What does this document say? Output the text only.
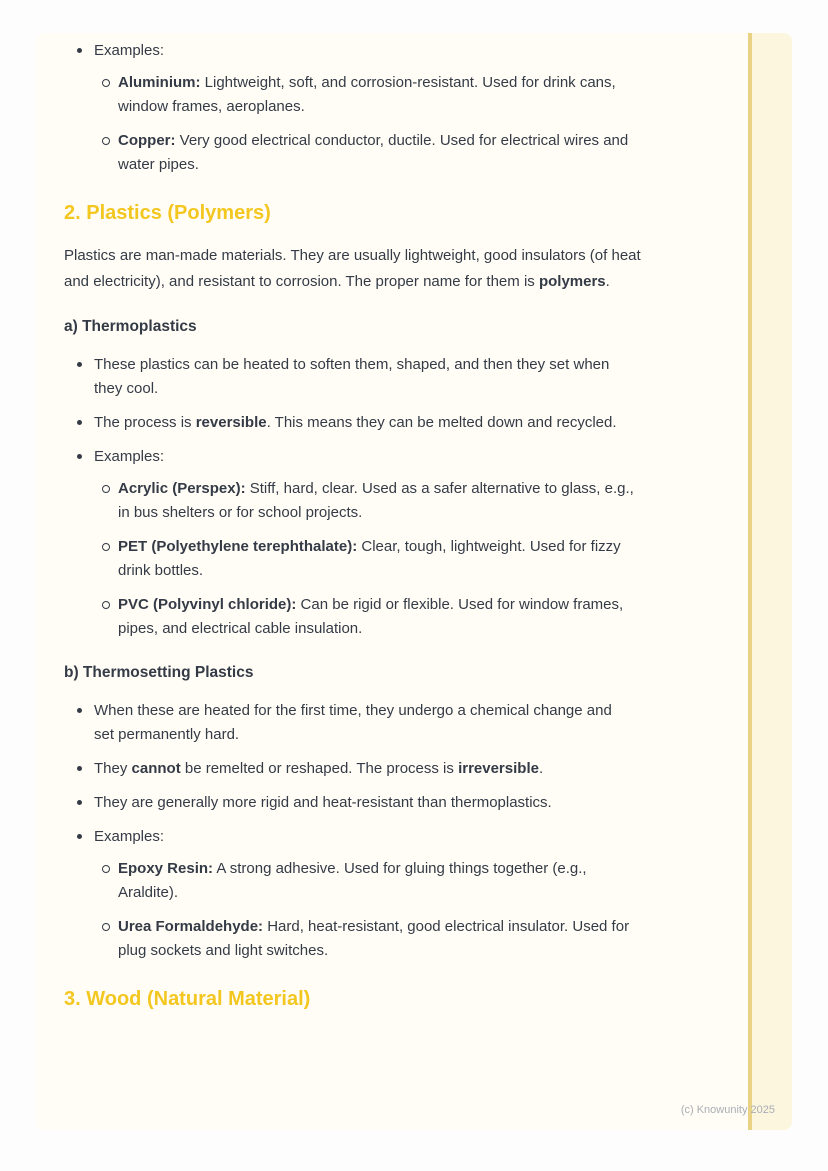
Examples:
Aluminium: Lightweight, soft, and corrosion-resistant. Used for drink cans, window frames, aeroplanes.
Copper: Very good electrical conductor, ductile. Used for electrical wires and water pipes.
2. Plastics (Polymers)

Plastics are man-made materials. They are usually lightweight, good insulators (of heat and electricity), and resistant to corrosion. The proper name for them is polymers.

a) Thermoplastics
These plastics can be heated to soften them, shaped, and then they set when they cool.
The process is reversible. This means they can be melted down and recycled.
Examples:
Acrylic (Perspex): Stiff, hard, clear. Used as a safer alternative to glass, e.g., in bus shelters or for school projects.
PET (Polyethylene terephthalate): Clear, tough, lightweight. Used for fizzy drink bottles.
PVC (Polyvinyl chloride): Can be rigid or flexible. Used for window frames, pipes, and electrical cable insulation.
b) Thermosetting Plastics
When these are heated for the first time, they undergo a chemical change and set permanently hard.
They cannot be remelted or reshaped. The process is irreversible.
They are generally more rigid and heat-resistant than thermoplastics.
Examples:
Epoxy Resin: A strong adhesive. Used for gluing things together (e.g., Araldite).
Urea Formaldehyde: Hard, heat-resistant, good electrical insulator. Used for plug sockets and light switches.
3. Wood (Natural Material)
(c) Knowunity 2025
